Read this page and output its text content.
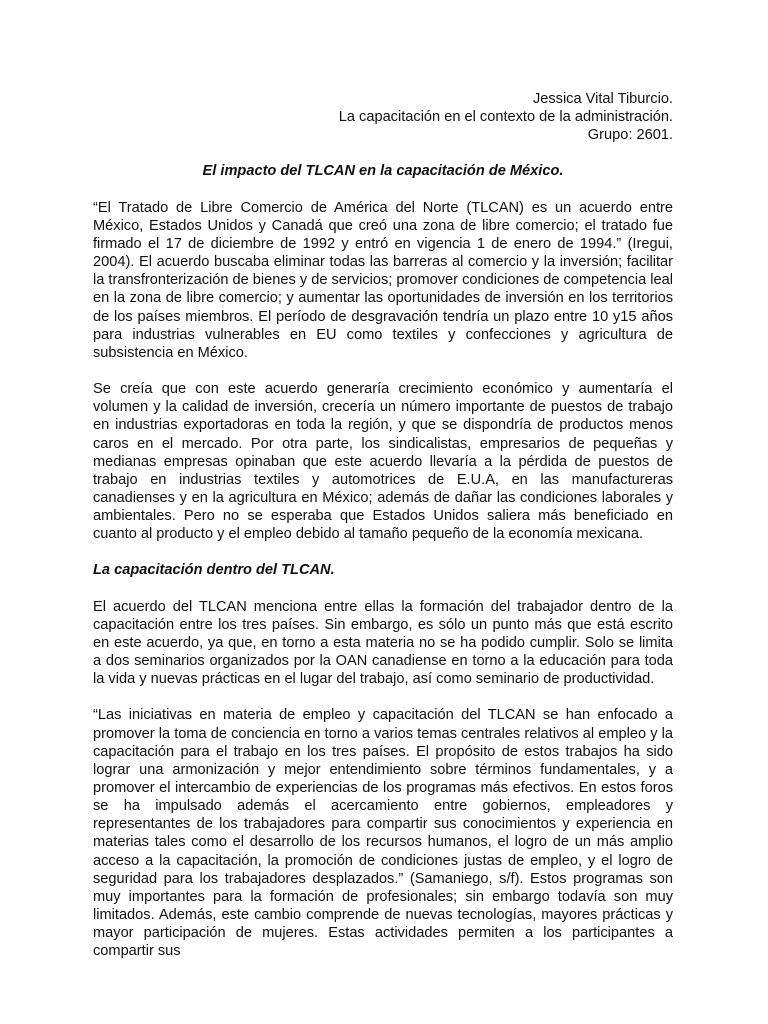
Jessica Vital Tiburcio.
La capacitación en el contexto de la administración.
Grupo: 2601.
El impacto del TLCAN en la capacitación de México.

“El Tratado de Libre Comercio de América del Norte (TLCAN) es un acuerdo entre México, Estados Unidos y Canadá que creó una zona de libre comercio; el tratado fue firmado el 17 de diciembre de 1992 y entró en vigencia 1 de enero de 1994.” (Iregui, 2004). El acuerdo buscaba eliminar todas las barreras al comercio y la inversión; facilitar la transfronterización de bienes y de servicios; promover condiciones de competencia leal en la zona de libre comercio; y aumentar las oportunidades de inversión en los territorios de los países miembros. El período de desgravación tendría un plazo entre 10 y15 años para industrias vulnerables en EU como textiles y confecciones y agricultura de subsistencia en México.

Se creía que con este acuerdo generaría crecimiento económico y aumentaría el volumen y la calidad de inversión, crecería un número importante de puestos de trabajo en industrias exportadoras en toda la región, y que se dispondría de productos menos caros en el mercado. Por otra parte, los sindicalistas, empresarios de pequeñas y medianas empresas opinaban que este acuerdo llevaría a la pérdida de puestos de trabajo en industrias textiles y automotrices de E.U.A, en las manufactureras canadienses y en la agricultura en México; además de dañar las condiciones laborales y ambientales. Pero no se esperaba que Estados Unidos saliera más beneficiado en cuanto al producto y el empleo debido al tamaño pequeño de la economía mexicana.

La capacitación dentro del TLCAN.

El acuerdo del TLCAN menciona entre ellas la formación del trabajador dentro de la capacitación entre los tres países. Sin embargo, es sólo un punto más que está escrito en este acuerdo, ya que, en torno a esta materia no se ha podido cumplir. Solo se limita a dos seminarios organizados por la OAN canadiense en torno a la educación para toda la vida y nuevas prácticas en el lugar del trabajo, así como seminario de productividad.

“Las iniciativas en materia de empleo y capacitación del TLCAN se han enfocado a promover la toma de conciencia en torno a varios temas centrales relativos al empleo y la capacitación para el trabajo en los tres países. El propósito de estos trabajos ha sido lograr una armonización y mejor entendimiento sobre términos fundamentales, y a promover el intercambio de experiencias de los programas más efectivos. En estos foros se ha impulsado además el acercamiento entre gobiernos, empleadores y representantes de los trabajadores para compartir sus conocimientos y experiencia en materias tales como el desarrollo de los recursos humanos, el logro de un más amplio acceso a la capacitación, la promoción de condiciones justas de empleo, y el logro de seguridad para los trabajadores desplazados.” (Samaniego, s/f). Estos programas son muy importantes para la formación de profesionales; sin embargo todavía son muy limitados. Además, este cambio comprende de nuevas tecnologías, mayores prácticas y mayor participación de mujeres. Estas actividades permiten a los participantes a compartir sus
